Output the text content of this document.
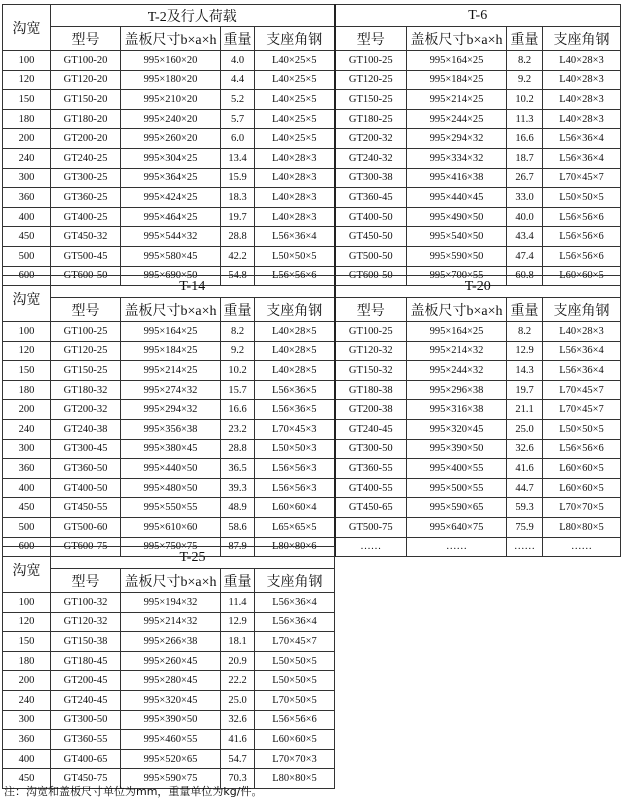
沟宽	T-2及行人荷载				T-6			
	型号	盖板尺寸b×a×h	重量	支座角钢	型号	盖板尺寸b×a×h	重量	支座角钢
100	GT100-20	995×160×20	4.0	L40×25×5	GT100-25	995×164×25	8.2	L40×28×3
120	GT120-20	995×180×20	4.4	L40×25×5	GT120-25	995×184×25	9.2	L40×28×3
150	GT150-20	995×210×20	5.2	L40×25×5	GT150-25	995×214×25	10.2	L40×28×3
180	GT180-20	995×240×20	5.7	L40×25×5	GT180-25	995×244×25	11.3	L40×28×3
200	GT200-20	995×260×20	6.0	L40×25×5	GT200-32	995×294×32	16.6	L56×36×4
240	GT240-25	995×304×25	13.4	L40×28×3	GT240-32	995×334×32	18.7	L56×36×4
300	GT300-25	995×364×25	15.9	L40×28×3	GT300-38	995×416×38	26.7	L70×45×7
360	GT360-25	995×424×25	18.3	L40×28×3	GT360-45	995×440×45	33.0	L50×50×5
400	GT400-25	995×464×25	19.7	L40×28×3	GT400-50	995×490×50	40.0	L56×56×6
450	GT450-32	995×544×32	28.8	L56×36×4	GT450-50	995×540×50	43.4	L56×56×6
500	GT500-45	995×580×45	42.2	L50×50×5	GT500-50	995×590×50	47.4	L56×56×6
600	GT600-50	995×690×50	54.8	L56×56×6	GT600-50	995×700×55	60.8	L60×60×5
沟宽	T-14				T-20			
	型号	盖板尺寸b×a×h	重量	支座角钢	型号	盖板尺寸b×a×h	重量	支座角钢
100	GT100-25	995×164×25	8.2	L40×28×5	GT100-25	995×164×25	8.2	L40×28×3
120	GT120-25	995×184×25	9.2	L40×28×5	GT120-32	995×214×32	12.9	L56×36×4
150	GT150-25	995×214×25	10.2	L40×28×5	GT150-32	995×244×32	14.3	L56×36×4
180	GT180-32	995×274×32	15.7	L56×36×5	GT180-38	995×296×38	19.7	L70×45×7
200	GT200-32	995×294×32	16.6	L56×36×5	GT200-38	995×316×38	21.1	L70×45×7
240	GT240-38	995×356×38	23.2	L70×45×3	GT240-45	995×320×45	25.0	L50×50×5
300	GT300-45	995×380×45	28.8	L50×50×3	GT300-50	995×390×50	32.6	L56×56×6
360	GT360-50	995×440×50	36.5	L56×56×3	GT360-55	995×400×55	41.6	L60×60×5
400	GT400-50	995×480×50	39.3	L56×56×3	GT400-55	995×500×55	44.7	L60×60×5
450	GT450-55	995×550×55	48.9	L60×60×4	GT450-65	995×590×65	59.3	L70×70×5
500	GT500-60	995×610×60	58.6	L65×65×5	GT500-75	995×640×75	75.9	L80×80×5
600	GT600-75	995×750×75	87.9	L80×80×6	……	……	……	……
沟宽	T-25			
	型号	盖板尺寸b×a×h	重量	支座角钢
100	GT100-32	995×194×32	11.4	L56×36×4
120	GT120-32	995×214×32	12.9	L56×36×4
150	GT150-38	995×266×38	18.1	L70×45×7
180	GT180-45	995×260×45	20.9	L50×50×5
200	GT200-45	995×280×45	22.2	L50×50×5
240	GT240-45	995×320×45	25.0	L70×50×5
300	GT300-50	995×390×50	32.6	L56×56×6
360	GT360-55	995×460×55	41.6	L60×60×5
400	GT400-65	995×520×65	54.7	L70×70×3
450	GT450-75	995×590×75	70.3	L80×80×5
注：沟宽和盖板尺寸单位为mm，重量单位为kg/件。
